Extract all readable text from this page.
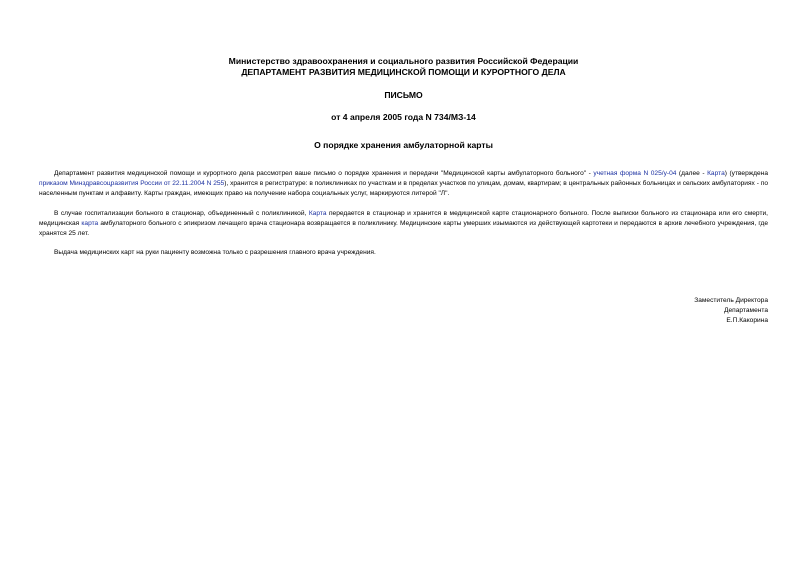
Министерство здравоохранения и социального развития Российской Федерации
ДЕПАРТАМЕНТ РАЗВИТИЯ МЕДИЦИНСКОЙ ПОМОЩИ И КУРОРТНОГО ДЕЛА
ПИСЬМО
от 4 апреля 2005 года N 734/МЗ-14
О порядке хранения амбулаторной карты

Департамент развития медицинской помощи и курортного дела рассмотрел ваше письмо о порядке хранения и передачи "Медицинской карты амбулаторного больного" - учетная форма N 025/у-04 (далее - Карта) (утверждена приказом Минздравсоцразвития России от 22.11.2004 N 255), хранится в регистратуре: в поликлиниках по участкам и в пределах участков по улицам, домам, квартирам; в центральных районных больницах и сельских амбулаториях - по населенным пунктам и алфавиту. Карты граждан, имеющих право на получение набора социальных услуг, маркируются литерой "Л".

В случае госпитализации больного в стационар, объединенный с поликлиникой, Карта передается в стационар и хранится в медицинской карте стационарного больного. После выписки больного из стационара или его смерти, медицинская карта амбулаторного больного с эпикризом лечащего врача стационара возвращается в поликлинику. Медицинские карты умерших изымаются из действующей картотеки и передаются в архив лечебного учреждения, где хранятся 25 лет.

Выдача медицинских карт на руки пациенту возможна только с разрешения главного врача учреждения.

Заместитель Директора
Департамента
Е.П.Какорина
